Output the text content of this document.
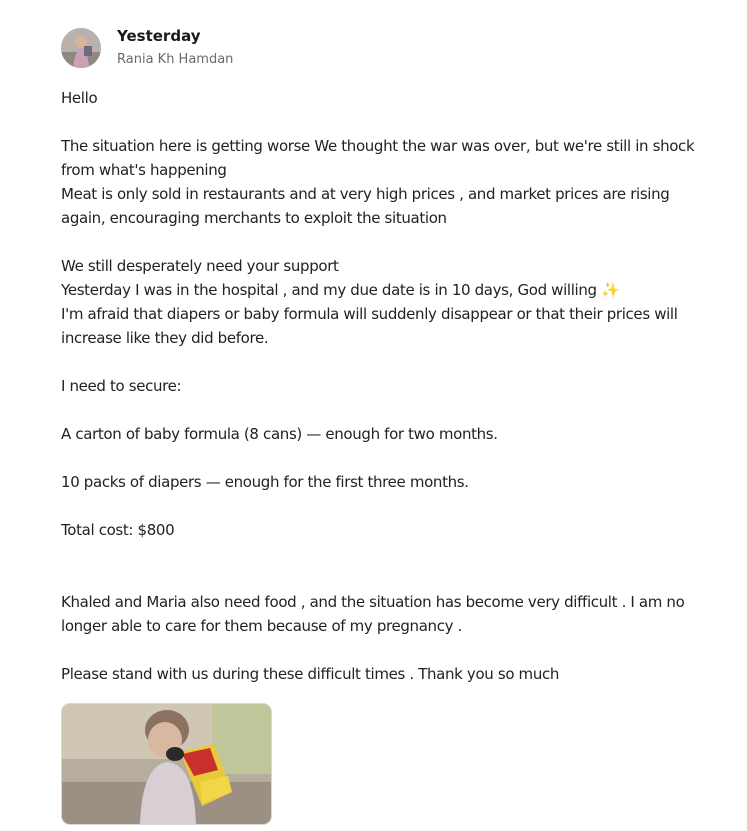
Yesterday
Rania Kh Hamdan

Hello

The situation here is getting worse We thought the war was over, but we're still in shock from what's happening
Meat is only sold in restaurants and at very high prices , and market prices are rising again, encouraging merchants to exploit the situation

We still desperately need your support
Yesterday I was in the hospital , and my due date is in 10 days, God willing ✨
I'm afraid that diapers or baby formula will suddenly disappear or that their prices will increase like they did before.

I need to secure:

A carton of baby formula (8 cans) — enough for two months.

10 packs of diapers — enough for the first three months.

Total cost: $800

Khaled and Maria also need food , and the situation has become very difficult . I am no longer able to care for them because of my pregnancy .

Please stand with us during these difficult times . Thank you so much
